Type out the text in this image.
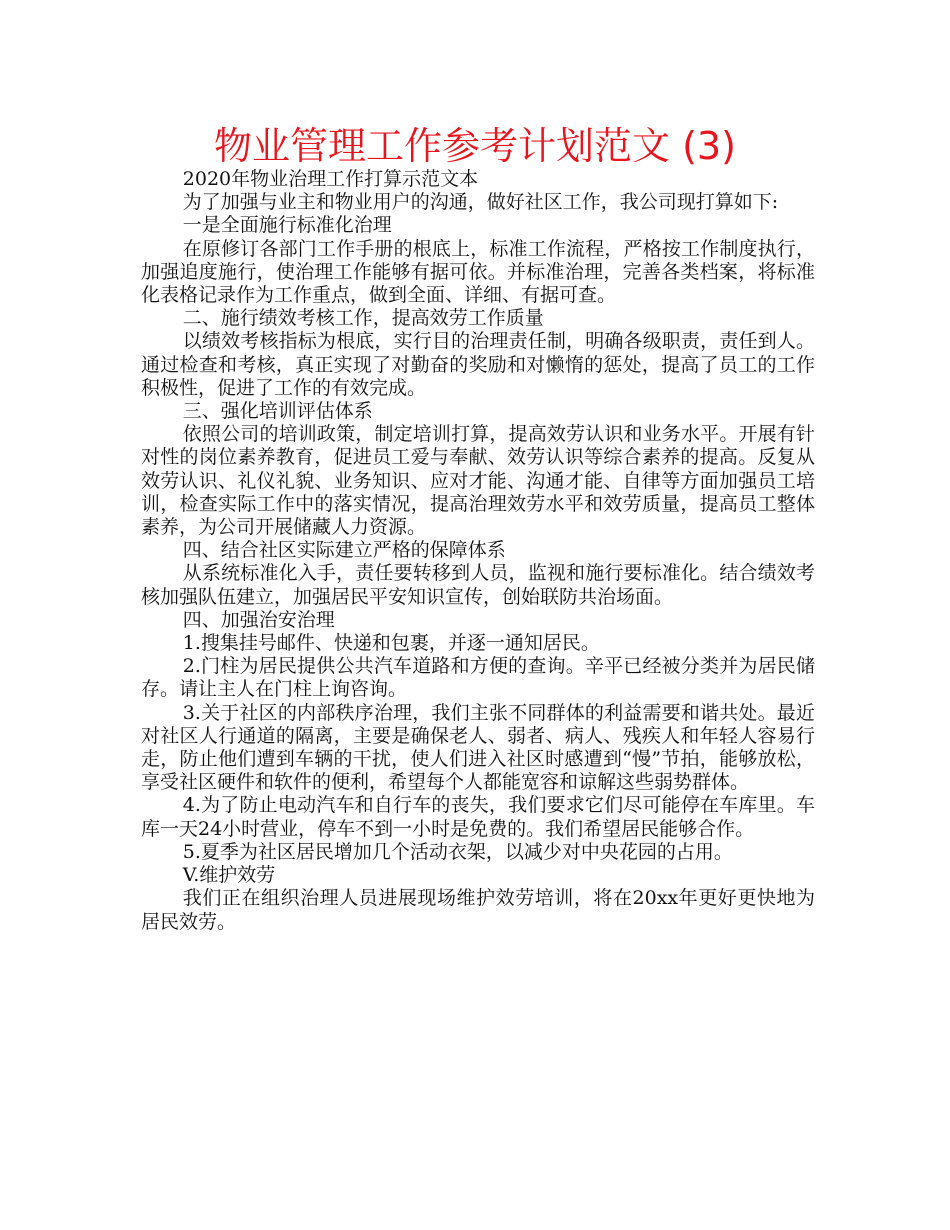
物业管理工作参考计划范文 (3)

2020年物业治理工作打算示范文本

为了加强与业主和物业用户的沟通，做好社区工作，我公司现打算如下:

一是全面施行标准化治理

在原修订各部门工作手册的根底上，标准工作流程，严格按工作制度执行，加强追度施行，使治理工作能够有据可依。并标准治理，完善各类档案，将标准化表格记录作为工作重点，做到全面、详细、有据可查。

二、施行绩效考核工作，提高效劳工作质量

以绩效考核指标为根底，实行目的治理责任制，明确各级职责，责任到人。通过检查和考核，真正实现了对勤奋的奖励和对懒惰的惩处，提高了员工的工作积极性，促进了工作的有效完成。

三、强化培训评估体系

依照公司的培训政策，制定培训打算，提高效劳认识和业务水平。开展有针对性的岗位素养教育，促进员工爱与奉献、效劳认识等综合素养的提高。反复从效劳认识、礼仪礼貌、业务知识、应对才能、沟通才能、自律等方面加强员工培训，检查实际工作中的落实情况，提高治理效劳水平和效劳质量，提高员工整体素养，为公司开展储藏人力资源。

四、结合社区实际建立严格的保障体系

从系统标准化入手，责任要转移到人员，监视和施行要标准化。结合绩效考核加强队伍建立，加强居民平安知识宣传，创始联防共治场面。

四、加强治安治理

1.搜集挂号邮件、快递和包裹，并逐一通知居民。

2.门柱为居民提供公共汽车道路和方便的查询。辛平已经被分类并为居民储存。请让主人在门柱上询咨询。

3.关于社区的内部秩序治理，我们主张不同群体的利益需要和谐共处。最近对社区人行通道的隔离，主要是确保老人、弱者、病人、残疾人和年轻人容易行走，防止他们遭到车辆的干扰，使人们进入社区时感遭到“慢”节拍，能够放松，享受社区硬件和软件的便利，希望每个人都能宽容和谅解这些弱势群体。

4.为了防止电动汽车和自行车的丧失，我们要求它们尽可能停在车库里。车库一天24小时营业，停车不到一小时是免费的。我们希望居民能够合作。

5.夏季为社区居民增加几个活动衣架，以减少对中央花园的占用。

V.维护效劳

我们正在组织治理人员进展现场维护效劳培训，将在20xx年更好更快地为居民效劳。
